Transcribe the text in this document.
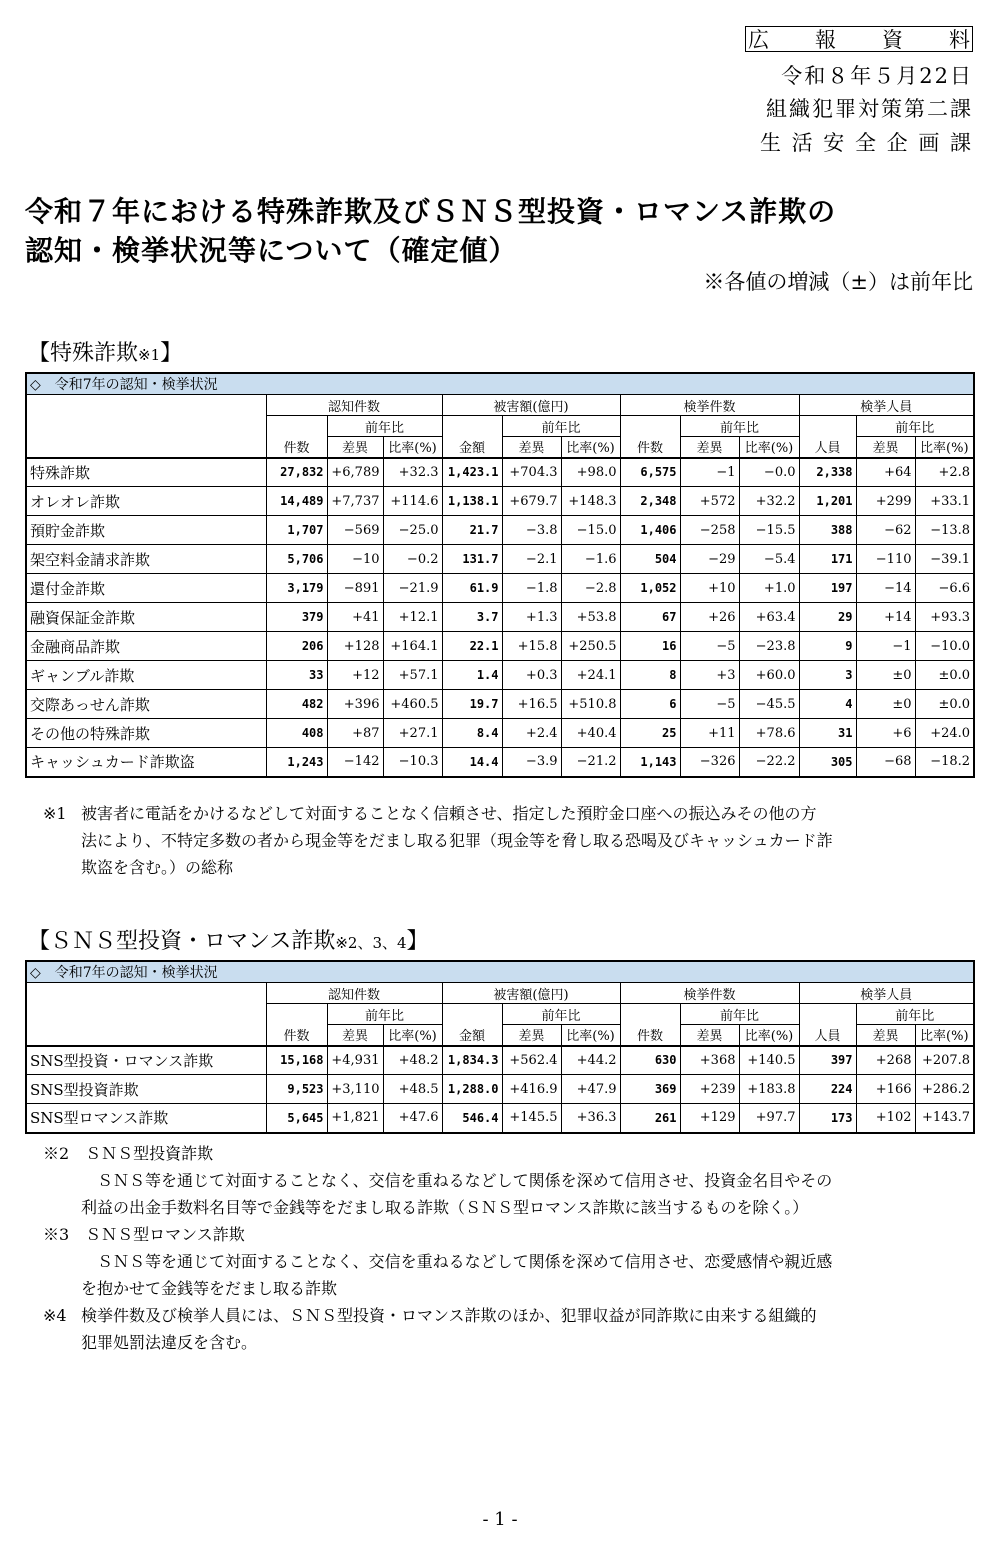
広 報 資 料
令和８年５月22日
組織犯罪対策第二課
生 活 安 全 企 画 課
令和７年における特殊詐欺及びＳＮＳ型投資・ロマンス詐欺の
認知・検挙状況等について（確定値）
※各値の増減（±）は前年比
【特殊詐欺※1】
◇　令和7年の認知・検挙状況												
	認知件数			被害額(億円)			検挙件数			検挙人員		
		前年比			前年比			前年比			前年比	
	件数	差異	比率(%)	金額	差異	比率(%)	件数	差異	比率(%)	人員	差異	比率(%)
特殊詐欺	27,832	+6,789	+32.3	1,423.1	+704.3	+98.0	6,575	−1	−0.0	2,338	+64	+2.8
オレオレ詐欺	14,489	+7,737	+114.6	1,138.1	+679.7	+148.3	2,348	+572	+32.2	1,201	+299	+33.1
預貯金詐欺	1,707	−569	−25.0	21.7	−3.8	−15.0	1,406	−258	−15.5	388	−62	−13.8
架空料金請求詐欺	5,706	−10	−0.2	131.7	−2.1	−1.6	504	−29	−5.4	171	−110	−39.1
還付金詐欺	3,179	−891	−21.9	61.9	−1.8	−2.8	1,052	+10	+1.0	197	−14	−6.6
融資保証金詐欺	379	+41	+12.1	3.7	+1.3	+53.8	67	+26	+63.4	29	+14	+93.3
金融商品詐欺	206	+128	+164.1	22.1	+15.8	+250.5	16	−5	−23.8	9	−1	−10.0
ギャンブル詐欺	33	+12	+57.1	1.4	+0.3	+24.1	8	+3	+60.0	3	±0	±0.0
交際あっせん詐欺	482	+396	+460.5	19.7	+16.5	+510.8	6	−5	−45.5	4	±0	±0.0
その他の特殊詐欺	408	+87	+27.1	8.4	+2.4	+40.4	25	+11	+78.6	31	+6	+24.0
キャッシュカード詐欺盗	1,243	−142	−10.3	14.4	−3.9	−21.2	1,143	−326	−22.2	305	−68	−18.2
※1 被害者に電話をかけるなどして対面することなく信頼させ、指定した預貯金口座への振込みその他の方
法により、不特定多数の者から現金等をだまし取る犯罪（現金等を脅し取る恐喝及びキャッシュカード詐
欺盗を含む。）の総称
【ＳＮＳ型投資・ロマンス詐欺※2、3、4】
◇　令和7年の認知・検挙状況												
	認知件数			被害額(億円)			検挙件数			検挙人員		
		前年比			前年比			前年比			前年比	
	件数	差異	比率(%)	金額	差異	比率(%)	件数	差異	比率(%)	人員	差異	比率(%)
SNS型投資・ロマンス詐欺	15,168	+4,931	+48.2	1,834.3	+562.4	+44.2	630	+368	+140.5	397	+268	+207.8
SNS型投資詐欺	9,523	+3,110	+48.5	1,288.0	+416.9	+47.9	369	+239	+183.8	224	+166	+286.2
SNS型ロマンス詐欺	5,645	+1,821	+47.6	546.4	+145.5	+36.3	261	+129	+97.7	173	+102	+143.7
※2　ＳＮＳ型投資詐欺
ＳＮＳ等を通じて対面することなく、交信を重ねるなどして関係を深めて信用させ、投資金名目やその
利益の出金手数料名目等で金銭等をだまし取る詐欺（ＳＮＳ型ロマンス詐欺に該当するものを除く。）
※3　ＳＮＳ型ロマンス詐欺
ＳＮＳ等を通じて対面することなく、交信を重ねるなどして関係を深めて信用させ、恋愛感情や親近感
を抱かせて金銭等をだまし取る詐欺
※4 検挙件数及び検挙人員には、ＳＮＳ型投資・ロマンス詐欺のほか、犯罪収益が同詐欺に由来する組織的
犯罪処罰法違反を含む。
- 1 -
